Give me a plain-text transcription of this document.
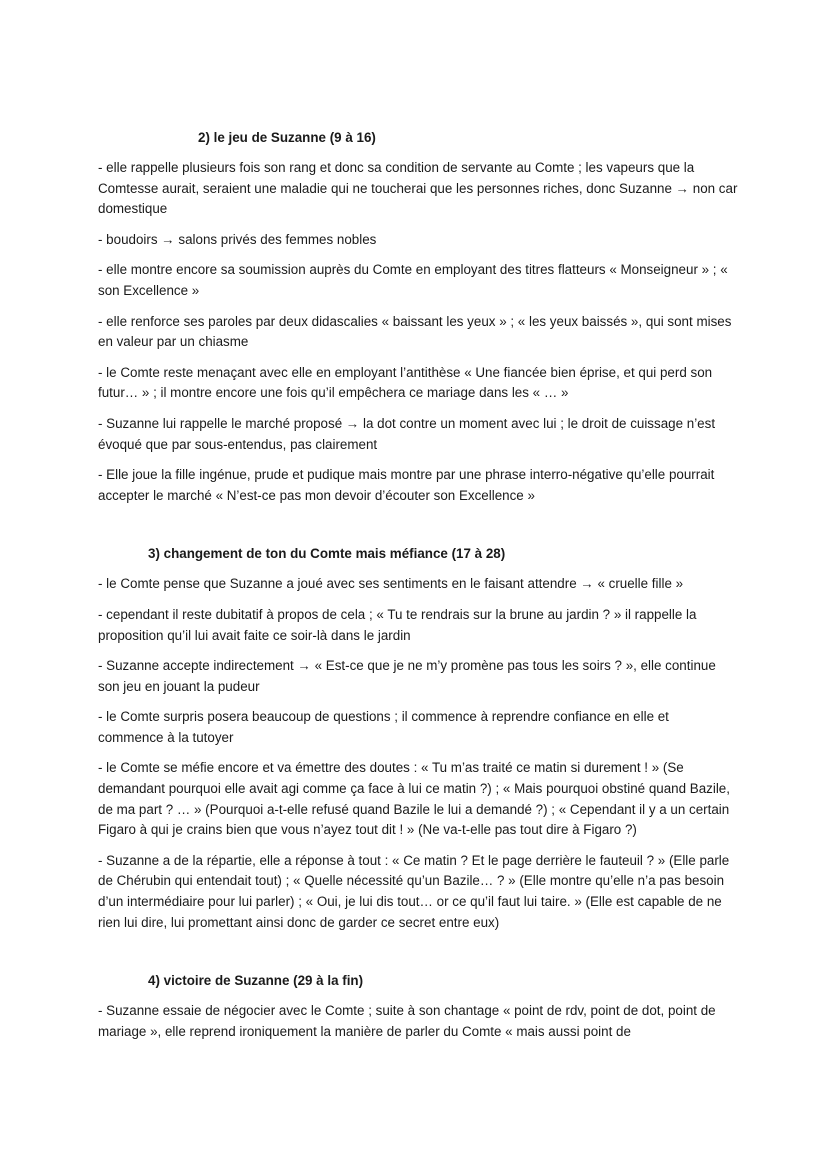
2) le jeu de Suzanne (9 à 16)

- elle rappelle plusieurs fois son rang et donc sa condition de servante au Comte ; les vapeurs que la Comtesse aurait, seraient une maladie qui ne toucherai que les personnes riches, donc Suzanne → non car domestique

- boudoirs → salons privés des femmes nobles

- elle montre encore sa soumission auprès du Comte en employant des titres flatteurs « Monseigneur » ; « son Excellence »

- elle renforce ses paroles par deux didascalies « baissant les yeux » ; « les yeux baissés », qui sont mises en valeur par un chiasme

- le Comte reste menaçant avec elle en employant l’antithèse « Une fiancée bien éprise, et qui perd son futur… » ; il montre encore une fois qu’il empêchera ce mariage dans les « … »

- Suzanne lui rappelle le marché proposé → la dot contre un moment avec lui ; le droit de cuissage n’est évoqué que par sous-entendus, pas clairement

- Elle joue la fille ingénue, prude et pudique mais montre par une phrase interro-négative qu’elle pourrait accepter le marché « N’est-ce pas mon devoir d’écouter son Excellence »

3) changement de ton du Comte mais méfiance (17 à 28)

- le Comte pense que Suzanne a joué avec ses sentiments en le faisant attendre → « cruelle fille »

- cependant il reste dubitatif à propos de cela ; « Tu te rendrais sur la brune au jardin ? » il rappelle la proposition qu’il lui avait faite ce soir-là dans le jardin

- Suzanne accepte indirectement → « Est-ce que je ne m’y promène pas tous les soirs ? », elle continue son jeu en jouant la pudeur

- le Comte surpris posera beaucoup de questions ; il commence à reprendre confiance en elle et commence à la tutoyer

- le Comte se méfie encore et va émettre des doutes : « Tu m’as traité ce matin si durement ! » (Se demandant pourquoi elle avait agi comme ça face à lui ce matin ?) ; « Mais pourquoi obstiné quand Bazile, de ma part ? … » (Pourquoi a-t-elle refusé quand Bazile le lui a demandé ?) ; « Cependant il y a un certain Figaro à qui je crains bien que vous n’ayez tout dit ! » (Ne va-t-elle pas tout dire à Figaro ?)

- Suzanne a de la répartie, elle a réponse à tout : « Ce matin ? Et le page derrière le fauteuil ? » (Elle parle de Chérubin qui entendait tout) ; « Quelle nécessité qu’un Bazile… ? » (Elle montre qu’elle n’a pas besoin d’un intermédiaire pour lui parler) ; « Oui, je lui dis tout… or ce qu’il faut lui taire. » (Elle est capable de ne rien lui dire, lui promettant ainsi donc de garder ce secret entre eux)

4) victoire de Suzanne (29 à la fin)

- Suzanne essaie de négocier avec le Comte ; suite à son chantage « point de rdv, point de dot, point de mariage », elle reprend ironiquement la manière de parler du Comte « mais aussi point de
